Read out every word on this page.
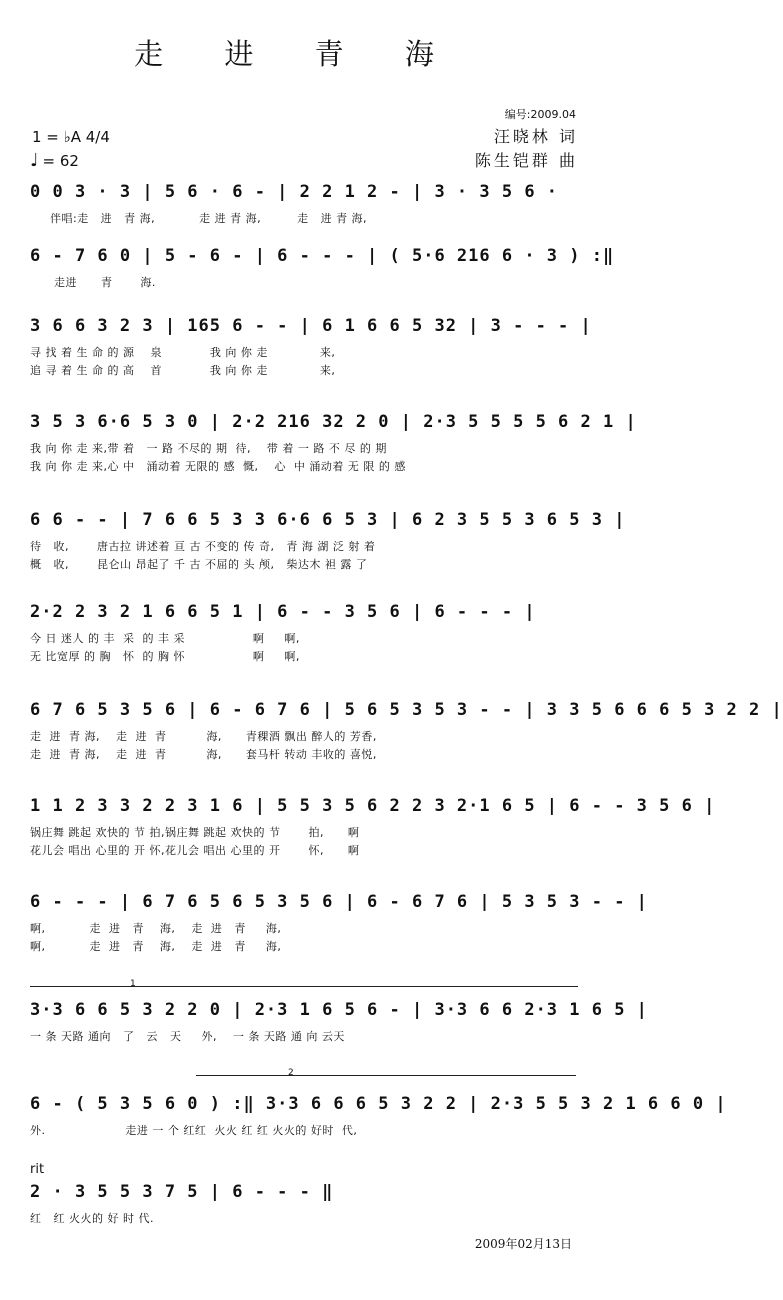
走 进 青 海
编号:2009.04
1 = ♭A 4/4
♩ = 62
汪晓林 词
陈生铠群 曲
0 0 3 · 3 | 5 6 · 6 - | 2 2 1 2 - | 3 · 3 5 6 ·
伴唱:走   进   青 海,           走 进 青 海,         走   进 青 海,
6 - 7 6 0 | 5 - 6 - | 6 - - - | ( 5·6 216 6 · 3 ) :‖
走进      青       海.
3 6 6 3 2 3 | 165 6 - - | 6 1 6 6 5 32 | 3 - - - |
寻 找 着 生 命 的 源    泉            我 向 你 走             来,
追 寻 着 生 命 的 高    首            我 向 你 走             来,
3 5 3 6·6 5 3 0 | 2·2 216 32 2 0 | 2·3 5 5 5 5 6 2 1 |
我 向 你 走 来,带 着   一 路 不尽的 期  待,    带 着 一 路 不 尽 的 期
我 向 你 走 来,心 中   涌动着 无限的 感  慨,    心  中 涌动着 无 限 的 感
6 6 - - | 7 6 6 5 3 3 6·6 6 5 3 | 6 2 3 5 5 3 6 5 3 |
待   收,       唐古拉 讲述着 亘 古 不变的 传 奇,   青 海 湖 泛 射 着
概   收,       昆仑山 昂起了 千 古 不屈的 头 颅,   柴达木 袒 露 了
2·2 2 3 2 1 6 6 5 1 | 6 - - 3 5 6 | 6 - - - |
今 日 迷人 的 丰  采  的 丰 采                 啊     啊,
无 比宽厚 的 胸   怀  的 胸 怀                 啊     啊,
6 7 6 5 3 5 6 | 6 - 6 7 6 | 5 6 5 3 5 3 - - | 3 3 5 6 6 6 5 3 2 2 |
走  进  青 海,    走  进  青          海,      青稞酒 飘出 醉人的 芳香,
走  进  青 海,    走  进  青          海,      套马杆 转动 丰收的 喜悦,
1 1 2 3 3 2 2 3 1 6 | 5 5 3 5 6 2 2 3 2·1 6 5 | 6 - - 3 5 6 |
锅庄舞 跳起 欢快的 节 拍,锅庄舞 跳起 欢快的 节       拍,      啊
花儿会 唱出 心里的 开 怀,花儿会 唱出 心里的 开       怀,      啊
6 - - - | 6 7 6 5 6 5 3 5 6 | 6 - 6 7 6 | 5 3 5 3 - - |
啊,           走  进   青    海,    走  进   青     海,
啊,           走  进   青    海,    走  进   青     海,
1
3·3 6 6 5 3 2 2 0 | 2·3 1 6 5 6 - | 3·3 6 6 2·3 1 6 5 |
一 条 天路 通向   了   云   天     外,    一 条 天路 通 向 云天
2
6 - ( 5 3 5 6 0 ) :‖ 3·3 6 6 6 5 3 2 2 | 2·3 5 5 3 2 1 6 6 0 |
外.                    走进 一 个 红红  火火 红 红 火火的 好时  代,
rit
2 · 3 5 5 3 7 5 | 6 - - - ‖
红   红 火火的 好 时 代.
2009年02月13日
